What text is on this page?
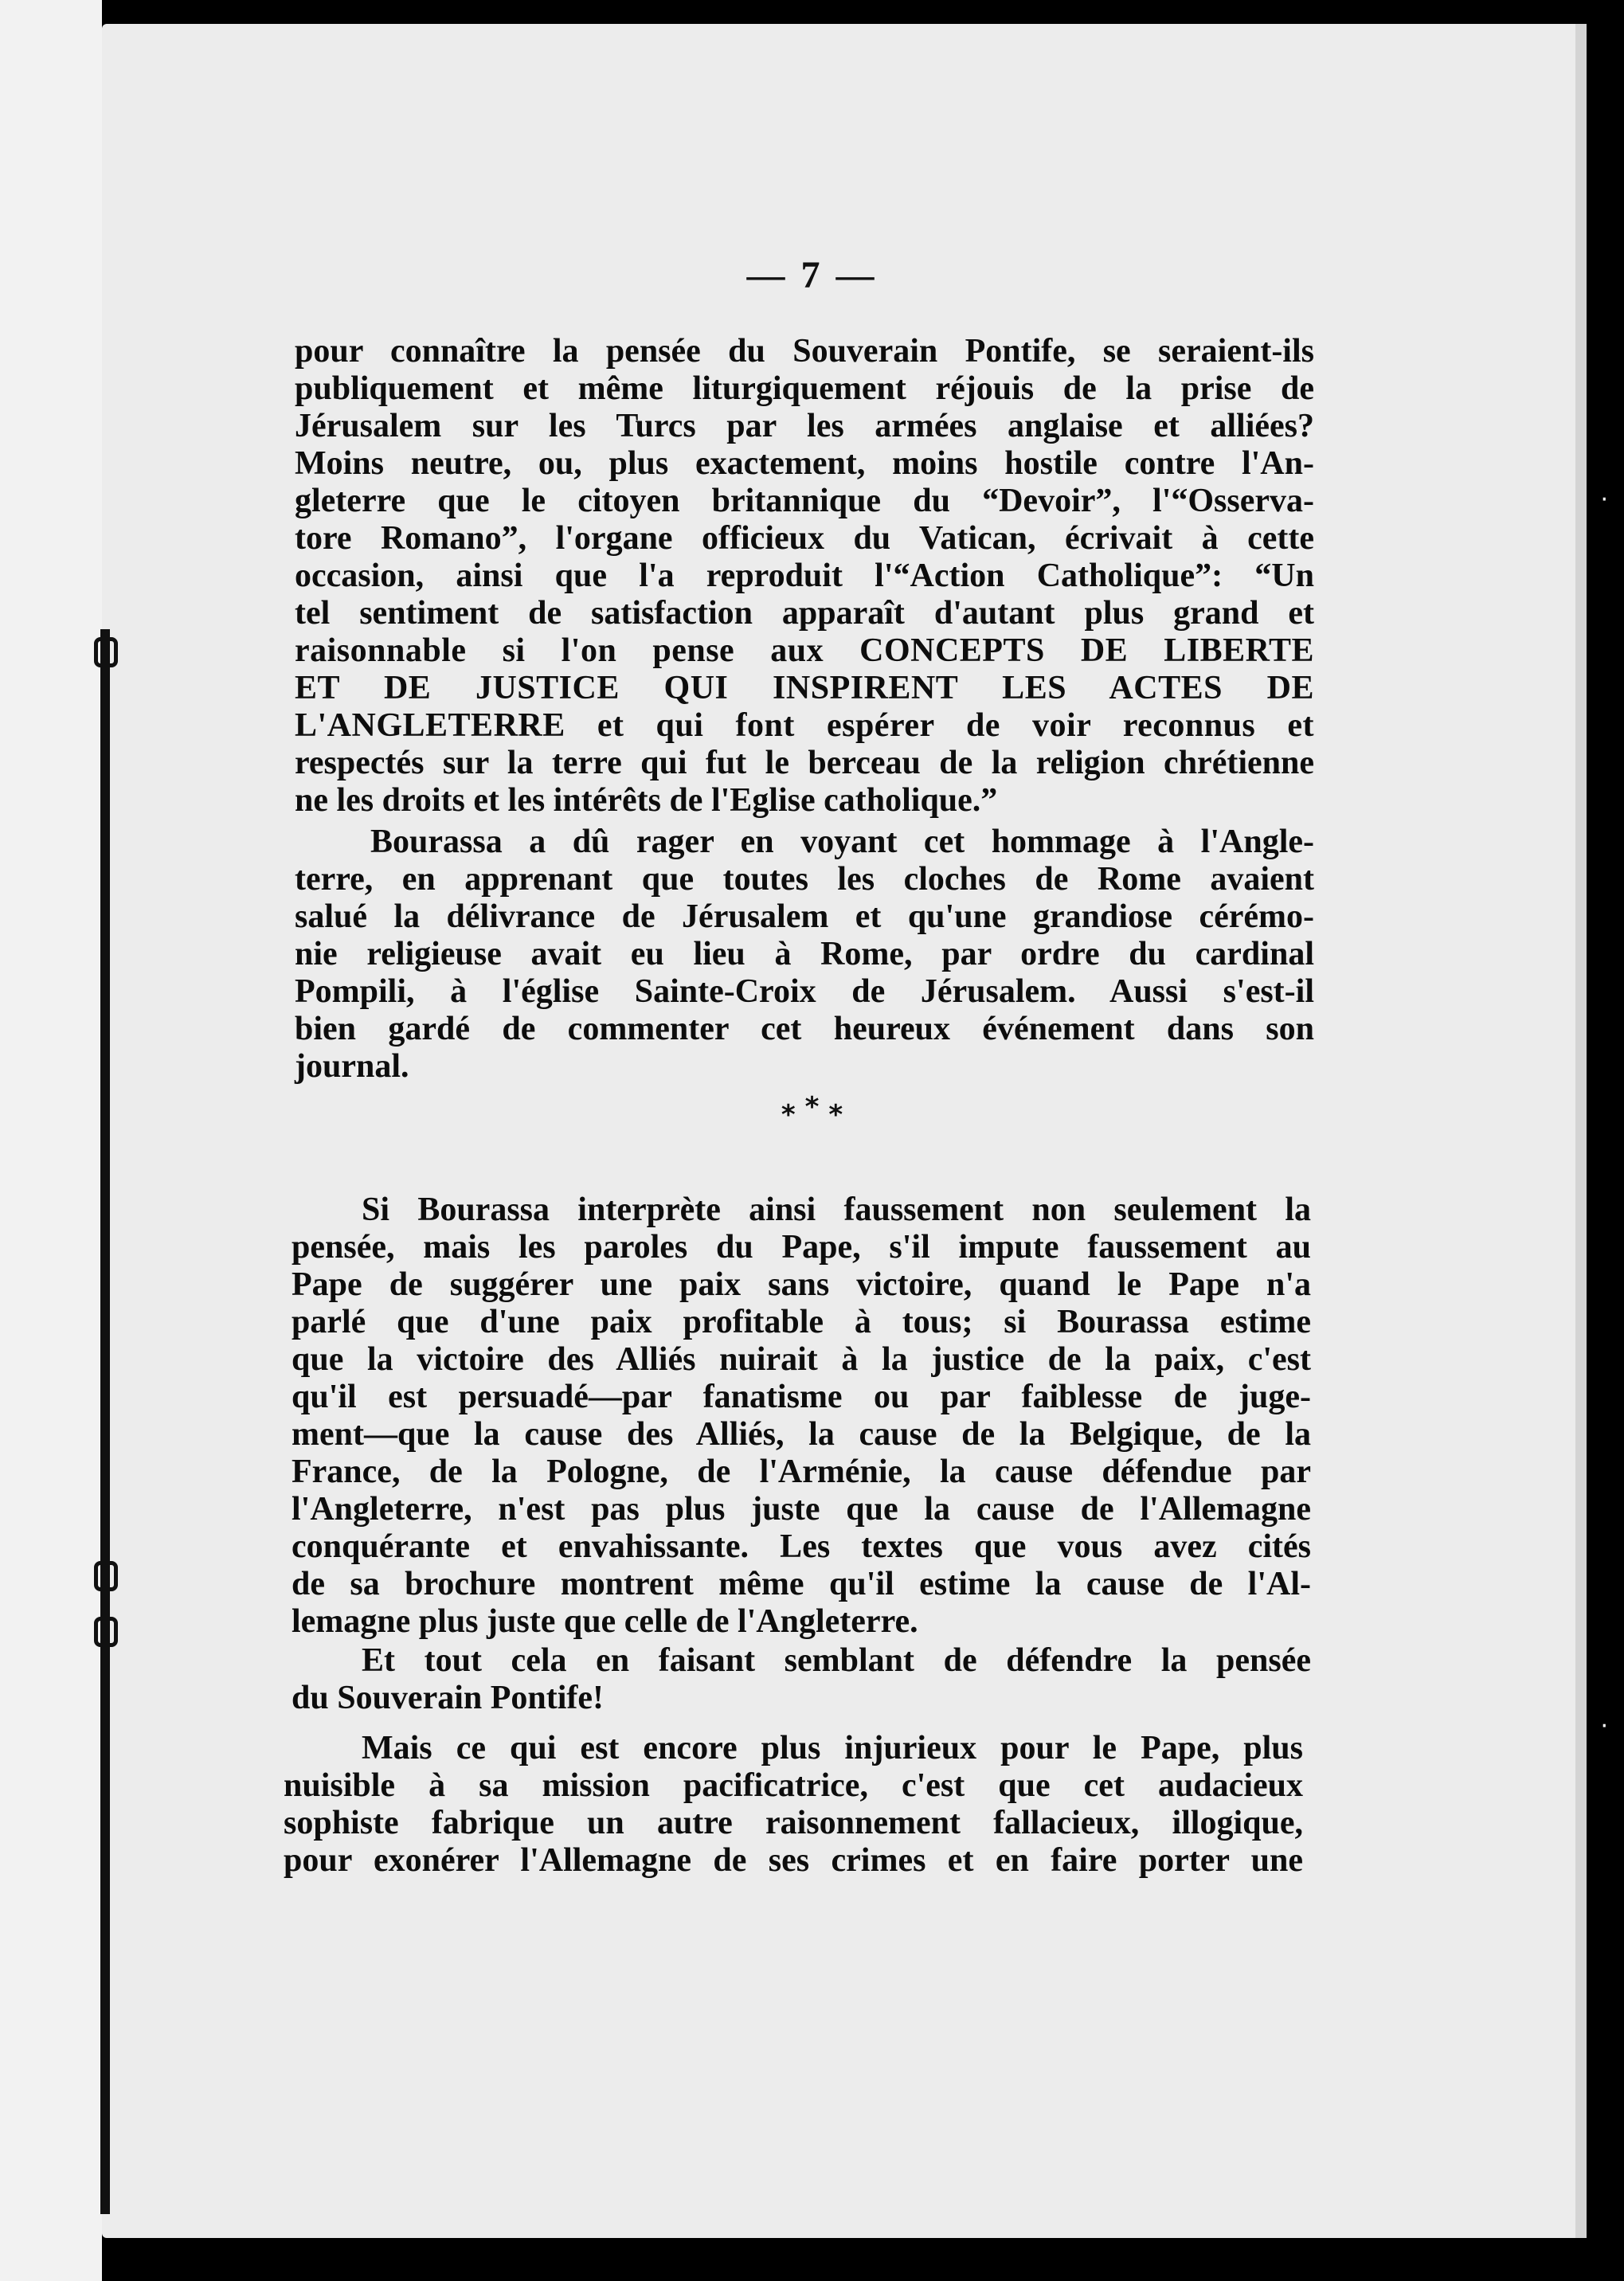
— 7 —
pour connaître la pensée du Souverain Pontife, se seraient-ils
publiquement et même liturgiquement réjouis de la prise de
Jérusalem sur les Turcs par les armées anglaise et alliées?
Moins neutre, ou, plus exactement, moins hostile contre l'An-
gleterre que le citoyen britannique du “Devoir”, l'“Osserva-
tore Romano”, l'organe officieux du Vatican, écrivait à cette
occasion, ainsi que l'a reproduit l'“Action Catholique”: “Un
tel sentiment de satisfaction apparaît d'autant plus grand et
raisonnable si l'on pense aux CONCEPTS DE LIBERTE
ET DE JUSTICE QUI INSPIRENT LES ACTES DE
L'ANGLETERRE et qui font espérer de voir reconnus et
respectés sur la terre qui fut le berceau de la religion chrétienne
ne les droits et les intérêts de l'Eglise catholique.”
Bourassa a dû rager en voyant cet hommage à l'Angle-
terre, en apprenant que toutes les cloches de Rome avaient
salué la délivrance de Jérusalem et qu'une grandiose cérémo-
nie religieuse avait eu lieu à Rome, par ordre du cardinal
Pompili, à l'église Sainte-Croix de Jérusalem. Aussi s'est-il
bien gardé de commenter cet heureux événement dans son
journal.
* * *
Si Bourassa interprète ainsi faussement non seulement la
pensée, mais les paroles du Pape, s'il impute faussement au
Pape de suggérer une paix sans victoire, quand le Pape n'a
parlé que d'une paix profitable à tous; si Bourassa estime
que la victoire des Alliés nuirait à la justice de la paix, c'est
qu'il est persuadé—par fanatisme ou par faiblesse de juge-
ment—que la cause des Alliés, la cause de la Belgique, de la
France, de la Pologne, de l'Arménie, la cause défendue par
l'Angleterre, n'est pas plus juste que la cause de l'Allemagne
conquérante et envahissante. Les textes que vous avez cités
de sa brochure montrent même qu'il estime la cause de l'Al-
lemagne plus juste que celle de l'Angleterre.
Et tout cela en faisant semblant de défendre la pensée
du Souverain Pontife!
Mais ce qui est encore plus injurieux pour le Pape, plus
nuisible à sa mission pacificatrice, c'est que cet audacieux
sophiste fabrique un autre raisonnement fallacieux, illogique,
pour exonérer l'Allemagne de ses crimes et en faire porter une
·
·
